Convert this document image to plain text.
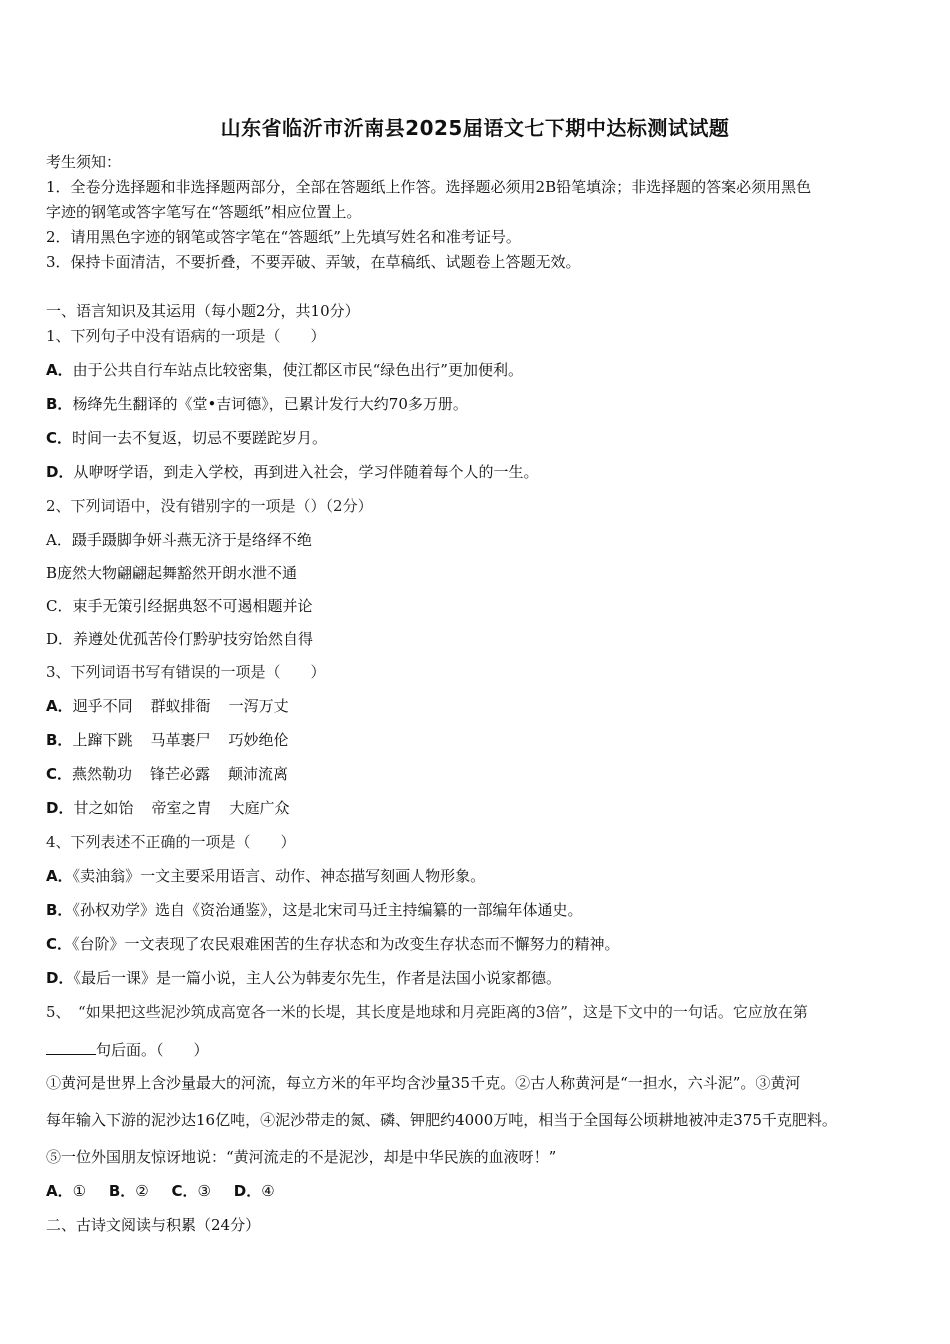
山东省临沂市沂南县2025届语文七下期中达标测试试题
考生须知：
1．全卷分选择题和非选择题两部分，全部在答题纸上作答。选择题必须用2B铅笔填涂；非选择题的答案必须用黑色
字迹的钢笔或答字笔写在“答题纸”相应位置上。
2．请用黑色字迹的钢笔或答字笔在“答题纸”上先填写姓名和准考证号。
3．保持卡面清洁，不要折叠，不要弄破、弄皱，在草稿纸、试题卷上答题无效。
一、语言知识及其运用（每小题2分，共10分）
1、下列句子中没有语病的一项是（　　）
A．由于公共自行车站点比较密集，使江都区市民“绿色出行”更加便利。
B．杨绛先生翻译的《堂•吉诃德》，已累计发行大约70多万册。
C．时间一去不复返，切忌不要蹉跎岁月。
D．从咿呀学语，到走入学校，再到进入社会，学习伴随着每个人的一生。
2、下列词语中，没有错别字的一项是（）（2分）
A．蹑手蹑脚争妍斗燕无济于是络绎不绝
B庞然大物翩翩起舞豁然开朗水泄不通
C．束手无策引经据典怒不可遏相题并论
D．养遵处优孤苦伶仃黔驴技穷饴然自得
3、下列词语书写有错误的一项是（　　）
A．迥乎不同 群蚁排衙 一泻万丈
B．上蹿下跳 马革裹尸 巧妙绝伦
C．燕然勒功 锋芒必露 颠沛流离
D．甘之如饴 帝室之胄 大庭广众
4、下列表述不正确的一项是（　　）
A．《卖油翁》一文主要采用语言、动作、神态描写刻画人物形象。
B．《孙权劝学》选自《资治通鉴》，这是北宋司马迁主持编纂的一部编年体通史。
C．《台阶》一文表现了农民艰难困苦的生存状态和为改变生存状态而不懈努力的精神。
D．《最后一课》是一篇小说，主人公为韩麦尔先生，作者是法国小说家都德。
5、　“如果把这些泥沙筑成高宽各一米的长堤，其长度是地球和月亮距离的3倍”，这是下文中的一句话。它应放在第
句后面。（　　）
①黄河是世界上含沙量最大的河流，每立方米的年平均含沙量35千克。②古人称黄河是“一担水，六斗泥”。③黄河
每年输入下游的泥沙达16亿吨，④泥沙带走的氮、磷、钾肥约4000万吨，相当于全国每公顷耕地被冲走375千克肥料。
⑤一位外国朋友惊讶地说：“黄河流走的不是泥沙，却是中华民族的血液呀！”
A．① B．② C．③ D．④
二、古诗文阅读与积累（24分）
